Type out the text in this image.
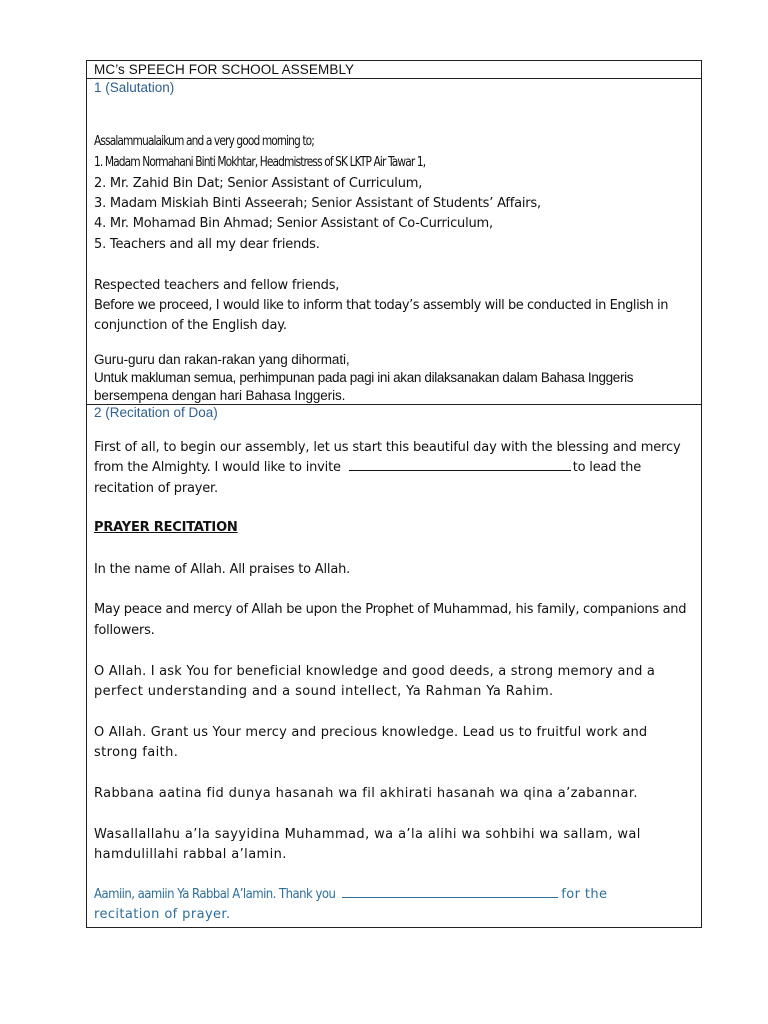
MC’s SPEECH FOR SCHOOL ASSEMBLY
1 (Salutation)
Assalammualaikum and a very good morning to;
1. Madam Normahani Binti Mokhtar, Headmistress of SK LKTP Air Tawar 1,
2. Mr. Zahid Bin Dat; Senior Assistant of Curriculum,
3. Madam Miskiah Binti Asseerah; Senior Assistant of Students’ Affairs,
4. Mr. Mohamad Bin Ahmad; Senior Assistant of Co-Curriculum,
5. Teachers and all my dear friends.
Respected teachers and fellow friends,
Before we proceed, I would like to inform that today’s assembly will be conducted in English in
conjunction of the English day.
Guru-guru dan rakan-rakan yang dihormati,
Untuk makluman semua, perhimpunan pada pagi ini akan dilaksanakan dalam Bahasa Inggeris
bersempena dengan hari Bahasa Inggeris.
2 (Recitation of Doa)
First of all, to begin our assembly, let us start this beautiful day with the blessing and mercy
from the Almighty. I would like to invite	to lead the
recitation of prayer.
PRAYER RECITATION
In the name of Allah. All praises to Allah.
May peace and mercy of Allah be upon the Prophet of Muhammad, his family, companions and
followers.
O Allah. I ask You for beneficial knowledge and good deeds, a strong memory and a
perfect understanding and a sound intellect, Ya Rahman Ya Rahim.
O Allah. Grant us Your mercy and precious knowledge. Lead us to fruitful work and
strong faith.
Rabbana aatina fid dunya hasanah wa fil akhirati hasanah wa qina a’zabannar.
Wasallallahu a’la sayyidina Muhammad, wa a’la alihi wa sohbihi wa sallam, wal
hamdulillahi rabbal a’lamin.
Aamiin, aamiin Ya Rabbal A’lamin. Thank you	for the
recitation of prayer.
